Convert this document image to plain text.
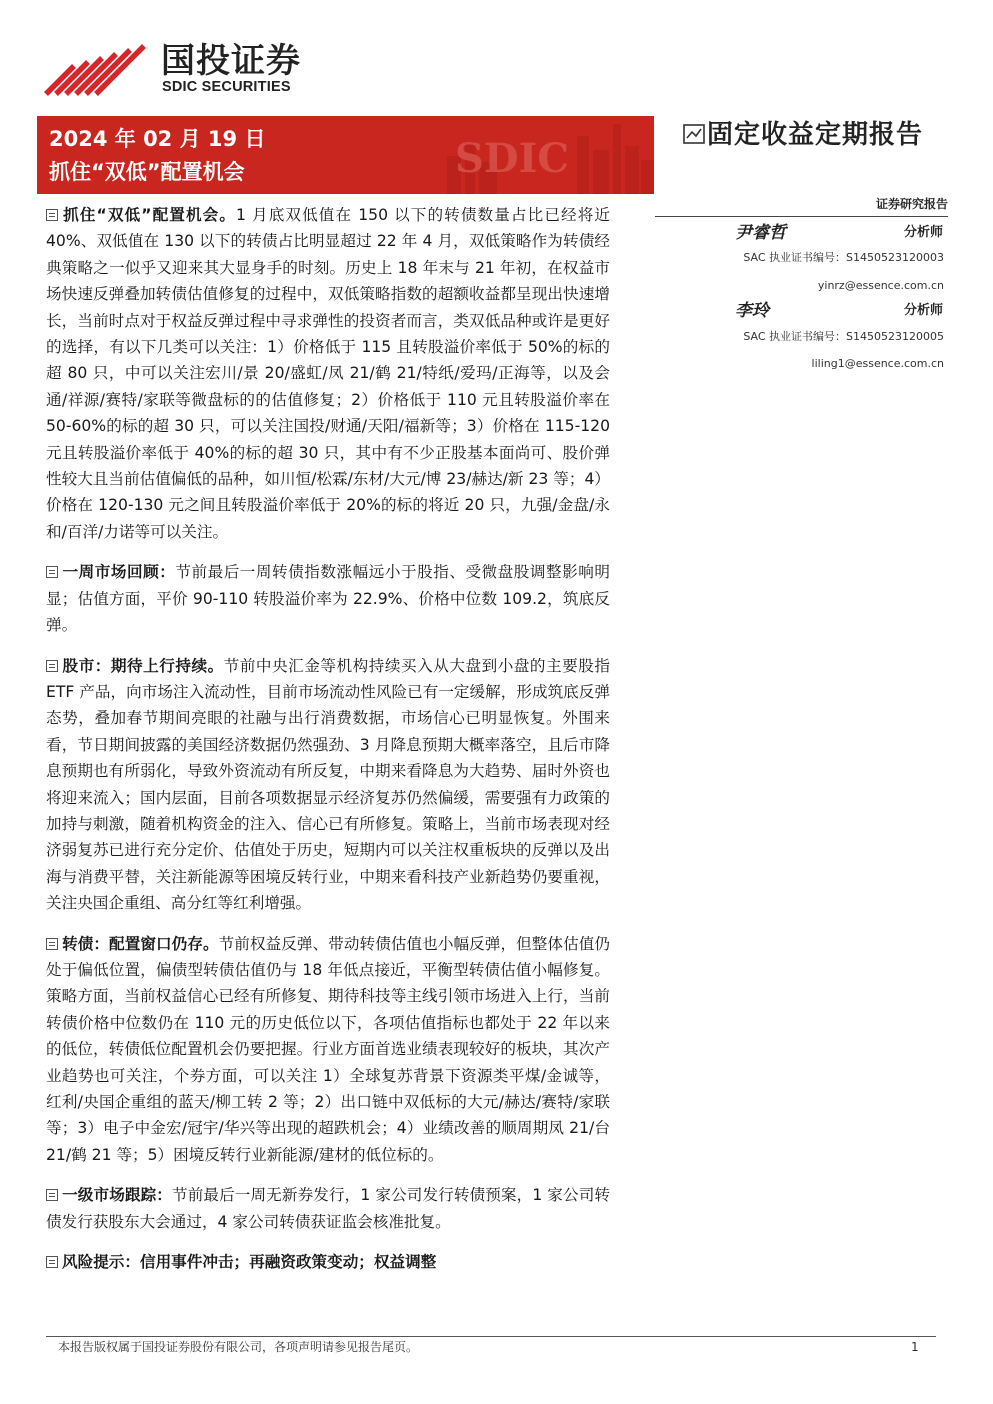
国投证券
SDIC SECURITIES
SDIC
2024 年 02 月 19 日
抓住“双低”配置机会
固定收益定期报告
证券研究报告
尹睿哲	分析师
SAC 执业证书编号：S1450523120003
yinrz@essence.com.cn
李玲	分析师
SAC 执业证书编号：S1450523120005
liling1@essence.com.cn

抓住“双低”配置机会。1 月底双低值在 150 以下的转债数量占比已经将近 40%、双低值在 130 以下的转债占比明显超过 22 年 4 月，双低策略作为转债经典策略之一似乎又迎来其大显身手的时刻。历史上 18 年末与 21 年初，在权益市场快速反弹叠加转债估值修复的过程中，双低策略指数的超额收益都呈现出快速增长，当前时点对于权益反弹过程中寻求弹性的投资者而言，类双低品种或许是更好的选择，有以下几类可以关注：1）价格低于 115 且转股溢价率低于 50%的标的超 80 只，中可以关注宏川/景 20/盛虹/凤 21/鹤 21/特纸/爱玛/正海等，以及会通/祥源/赛特/家联等微盘标的的估值修复；2）价格低于 110 元且转股溢价率在 50-60%的标的超 30 只，可以关注国投/财通/天阳/福新等；3）价格在 115-120 元且转股溢价率低于 40%的标的超 30 只，其中有不少正股基本面尚可、股价弹性较大且当前估值偏低的品种，如川恒/松霖/东材/大元/博 23/赫达/新 23 等；4）价格在 120-130 元之间且转股溢价率低于 20%的标的将近 20 只，九强/金盘/永和/百洋/力诺等可以关注。

一周市场回顾：节前最后一周转债指数涨幅远小于股指、受微盘股调整影响明显；估值方面，平价 90-110 转股溢价率为 22.9%、价格中位数 109.2，筑底反弹。

股市：期待上行持续。节前中央汇金等机构持续买入从大盘到小盘的主要股指 ETF 产品，向市场注入流动性，目前市场流动性风险已有一定缓解，形成筑底反弹态势，叠加春节期间亮眼的社融与出行消费数据，市场信心已明显恢复。外围来看，节日期间披露的美国经济数据仍然强劲、3 月降息预期大概率落空，且后市降息预期也有所弱化，导致外资流动有所反复，中期来看降息为大趋势、届时外资也将迎来流入；国内层面，目前各项数据显示经济复苏仍然偏缓，需要强有力政策的加持与刺激，随着机构资金的注入、信心已有所修复。策略上，当前市场表现对经济弱复苏已进行充分定价、估值处于历史，短期内可以关注权重板块的反弹以及出海与消费平替，关注新能源等困境反转行业，中期来看科技产业新趋势仍要重视，关注央国企重组、高分红等红利增强。

转债：配置窗口仍存。节前权益反弹、带动转债估值也小幅反弹，但整体估值仍处于偏低位置，偏债型转债估值仍与 18 年低点接近，平衡型转债估值小幅修复。策略方面，当前权益信心已经有所修复、期待科技等主线引领市场进入上行，当前转债价格中位数仍在 110 元的历史低位以下，各项估值指标也都处于 22 年以来的低位，转债低位配置机会仍要把握。行业方面首选业绩表现较好的板块，其次产业趋势也可关注，个券方面，可以关注 1）全球复苏背景下资源类平煤/金诚等，红利/央国企重组的蓝天/柳工转 2 等；2）出口链中双低标的大元/赫达/赛特/家联等；3）电子中金宏/冠宇/华兴等出现的超跌机会；4）业绩改善的顺周期凤 21/台 21/鹤 21 等；5）困境反转行业新能源/建材的低位标的。

一级市场跟踪：节前最后一周无新券发行，1 家公司发行转债预案，1 家公司转债发行获股东大会通过，4 家公司转债获证监会核准批复。

风险提示：信用事件冲击；再融资政策变动；权益调整

本报告版权属于国投证券股份有限公司，各项声明请参见报告尾页。	1
